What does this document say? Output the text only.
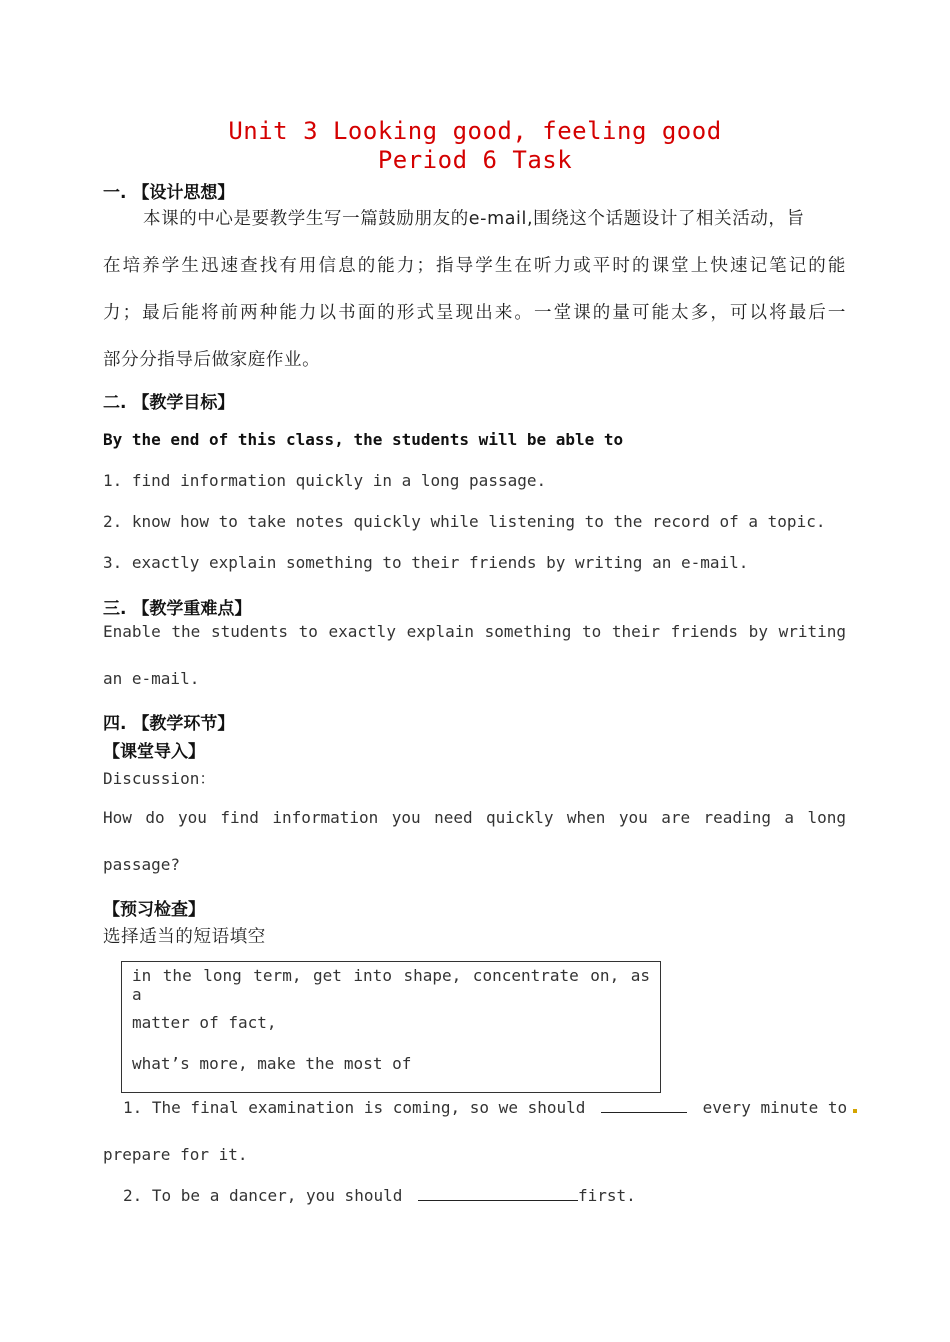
Unit 3 Looking good, feeling good
Period 6 Task
一. 【设计思想】
本课的中心是要教学生写一篇鼓励朋友的e-mail,围绕这个话题设计了相关活动，旨
在培养学生迅速查找有用信息的能力；指导学生在听力或平时的课堂上快速记笔记的能
力；最后能将前两种能力以书面的形式呈现出来。一堂课的量可能太多，可以将最后一
部分分指导后做家庭作业。
二. 【教学目标】
By the end of this class, the students will be able to
1. find information quickly in a long passage.
2. know how to take notes quickly while listening to the record of a topic.
3. exactly explain something to their friends by writing an e-mail.
三. 【教学重难点】
Enable the students to exactly explain something to their friends by writing
an e-mail.
四. 【教学环节】
【课堂导入】
Discussion：
How do you find information you need quickly when you are reading a long
passage?
【预习检查】
选择适当的短语填空
in the long term, get into shape, concentrate on, as a
matter of fact,
what’s more, make the most of
1. The final examination is coming, so we should	every minute to
prepare for it.
2. To be a dancer, you should	first.
